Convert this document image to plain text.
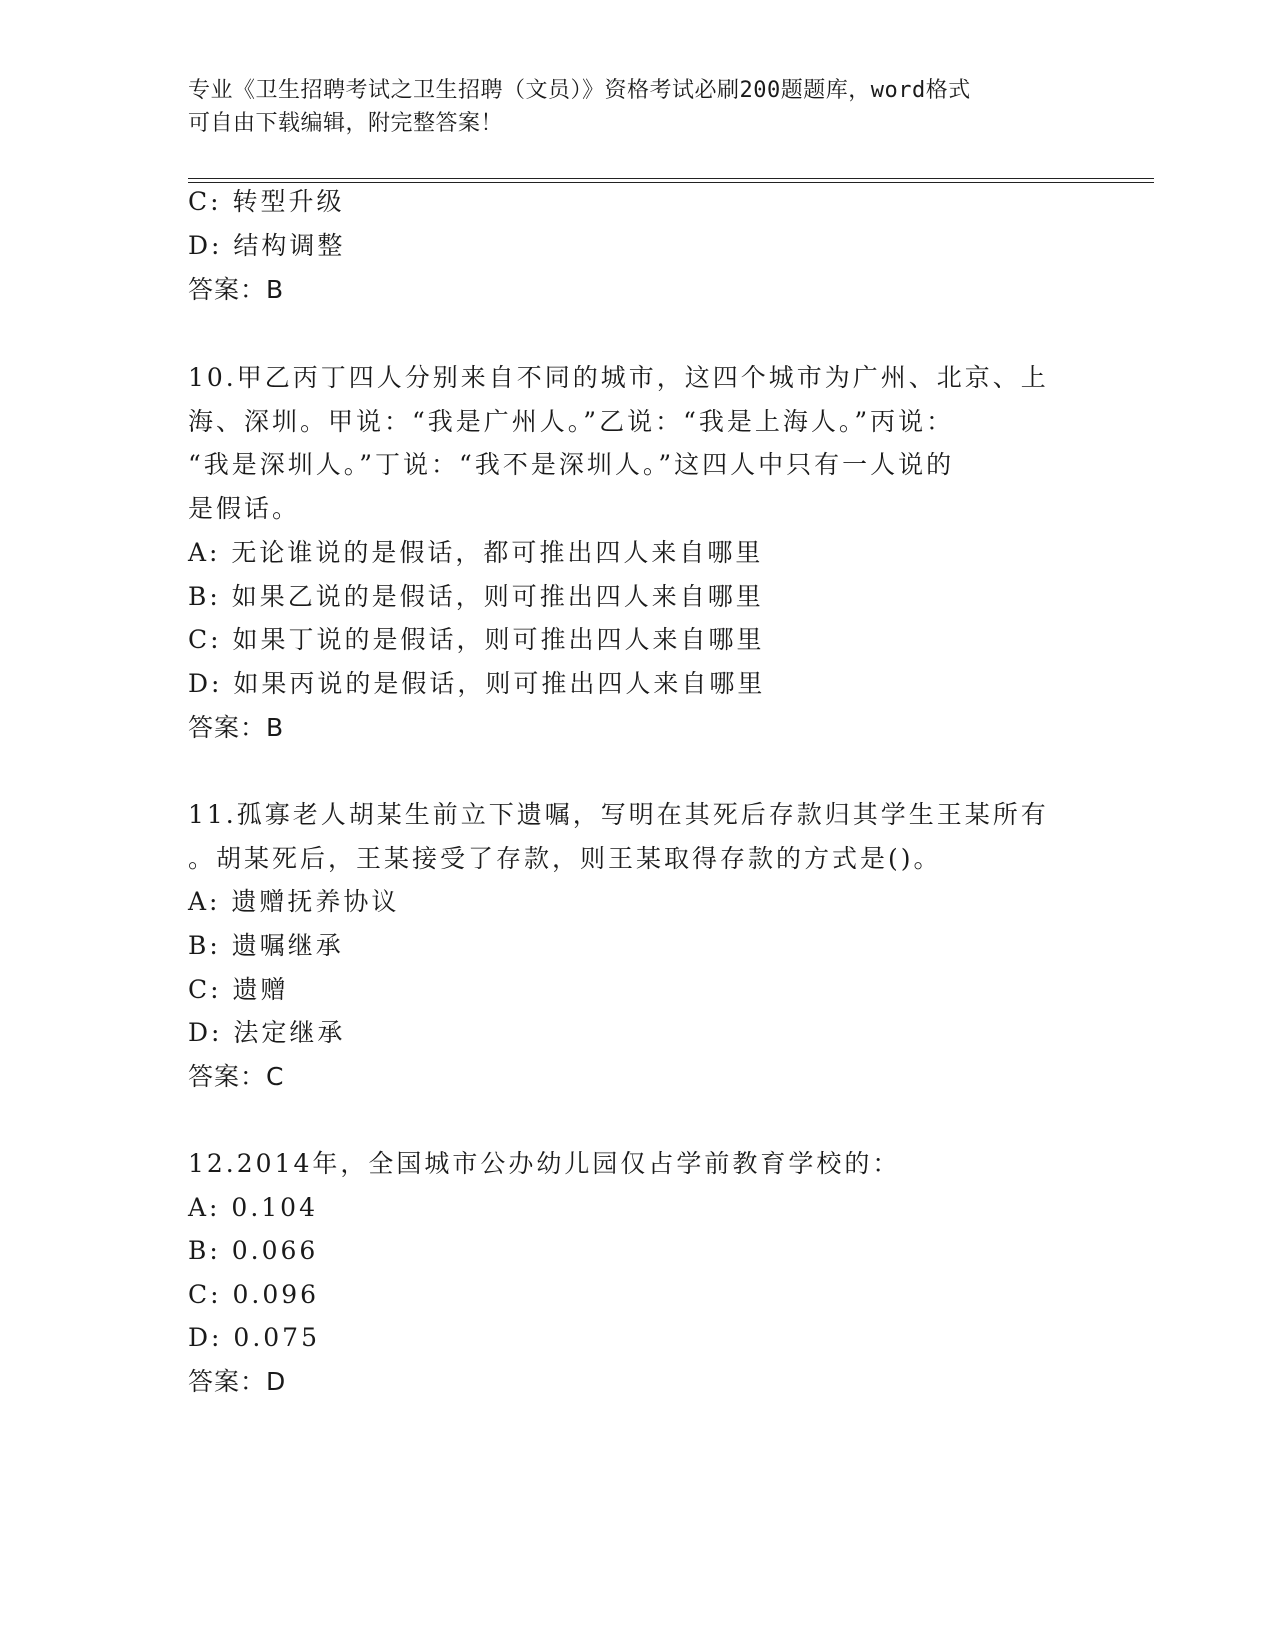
专业《卫生招聘考试之卫生招聘（文员）》资格考试必刷200题题库，word格式
可自由下载编辑，附完整答案！
C: 转型升级
D: 结构调整
答案：B
10.甲乙丙丁四人分别来自不同的城市，这四个城市为广州、北京、上
海、深圳。甲说：“我是广州人。”乙说：“我是上海人。”丙说：
“我是深圳人。”丁说：“我不是深圳人。”这四人中只有一人说的
是假话。
A: 无论谁说的是假话，都可推出四人来自哪里
B: 如果乙说的是假话，则可推出四人来自哪里
C: 如果丁说的是假话，则可推出四人来自哪里
D: 如果丙说的是假话，则可推出四人来自哪里
答案：B
11.孤寡老人胡某生前立下遗嘱，写明在其死后存款归其学生王某所有
。胡某死后，王某接受了存款，则王某取得存款的方式是()。
A: 遗赠抚养协议
B: 遗嘱继承
C: 遗赠
D: 法定继承
答案：C
12.2014年，全国城市公办幼儿园仅占学前教育学校的：
A: 0.104
B: 0.066
C: 0.096
D: 0.075
答案：D
